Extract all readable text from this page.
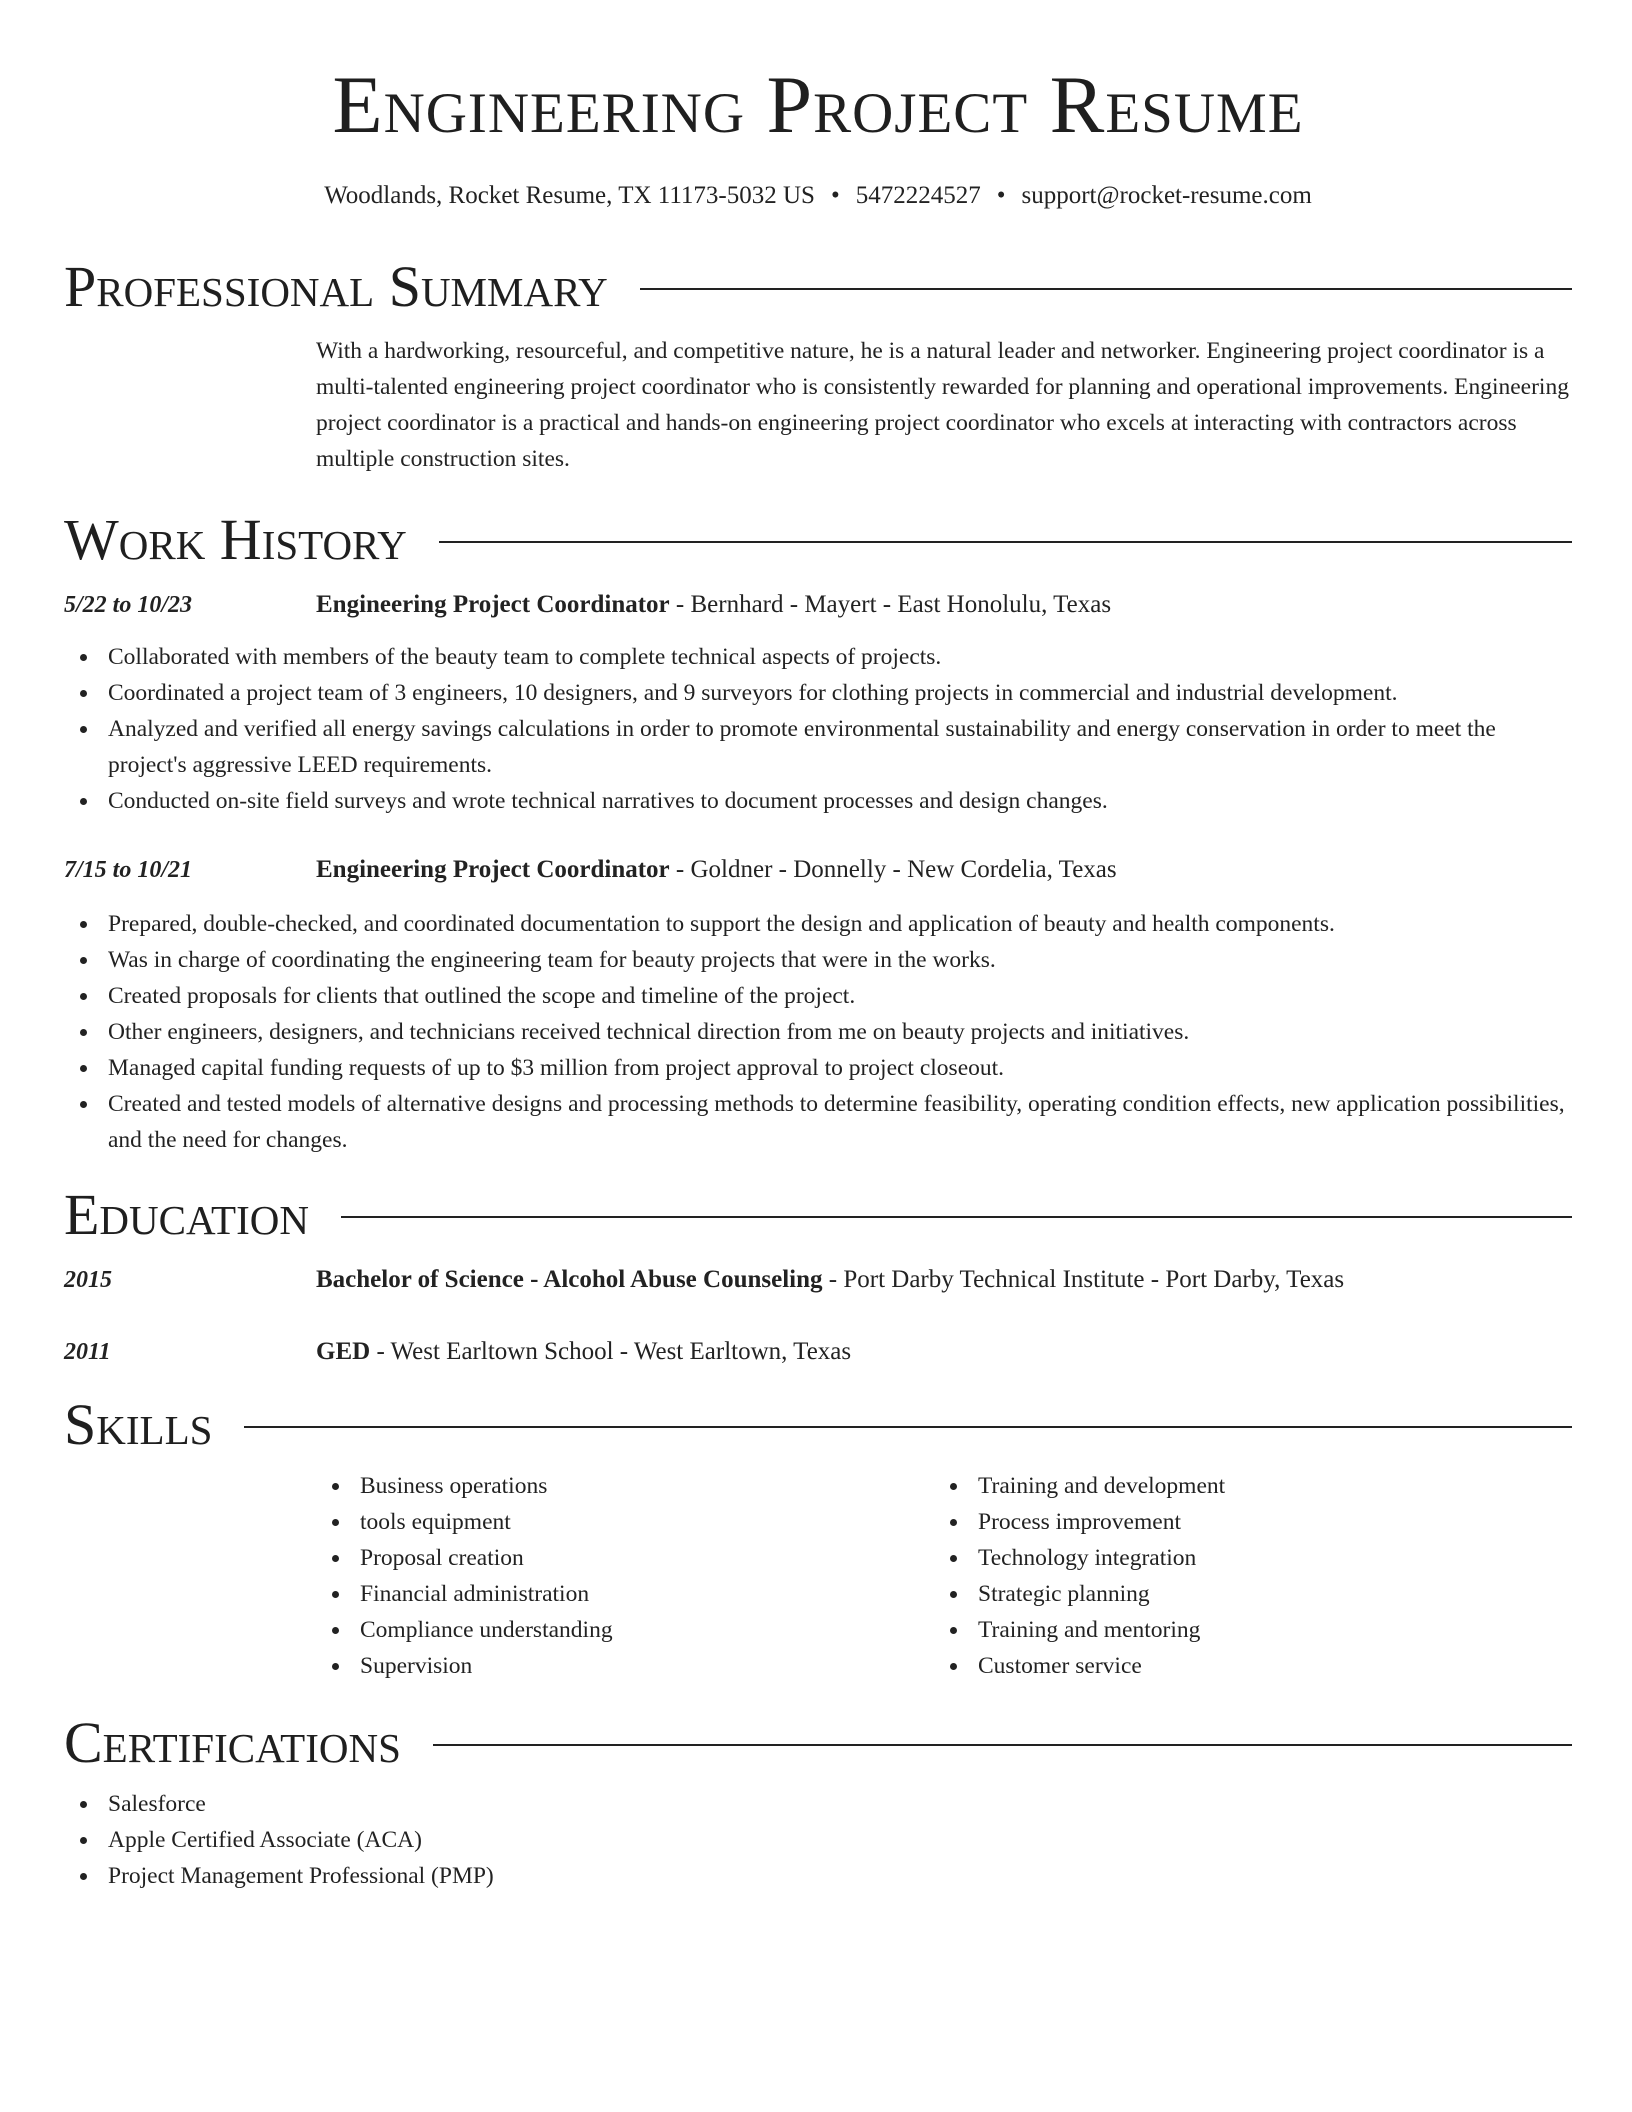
Engineering Project Resume
Woodlands, Rocket Resume, TX 11173-5032 US • 5472224527 • support@rocket-resume.com
Professional Summary

With a hardworking, resourceful, and competitive nature, he is a natural leader and networker. Engineering project coordinator is a multi-talented engineering project coordinator who is consistently rewarded for planning and operational improvements. Engineering project coordinator is a practical and hands-on engineering project coordinator who excels at interacting with contractors across multiple construction sites.

Work History
5/22 to 10/23	Engineering Project Coordinator - Bernhard - Mayert - East Honolulu, Texas
Collaborated with members of the beauty team to complete technical aspects of projects.
Coordinated a project team of 3 engineers, 10 designers, and 9 surveyors for clothing projects in commercial and industrial development.
Analyzed and verified all energy savings calculations in order to promote environmental sustainability and energy conservation in order to meet the project's aggressive LEED requirements.
Conducted on-site field surveys and wrote technical narratives to document processes and design changes.
7/15 to 10/21	Engineering Project Coordinator - Goldner - Donnelly - New Cordelia, Texas
Prepared, double-checked, and coordinated documentation to support the design and application of beauty and health components.
Was in charge of coordinating the engineering team for beauty projects that were in the works.
Created proposals for clients that outlined the scope and timeline of the project.
Other engineers, designers, and technicians received technical direction from me on beauty projects and initiatives.
Managed capital funding requests of up to $3 million from project approval to project closeout.
Created and tested models of alternative designs and processing methods to determine feasibility, operating condition effects, new application possibilities, and the need for changes.
Education
2015	Bachelor of Science - Alcohol Abuse Counseling - Port Darby Technical Institute - Port Darby, Texas
2011	GED - West Earltown School - West Earltown, Texas
Skills
Business operations
tools equipment
Proposal creation
Financial administration
Compliance understanding
Supervision
Training and development
Process improvement
Technology integration
Strategic planning
Training and mentoring
Customer service
Certifications
Salesforce
Apple Certified Associate (ACA)
Project Management Professional (PMP)
